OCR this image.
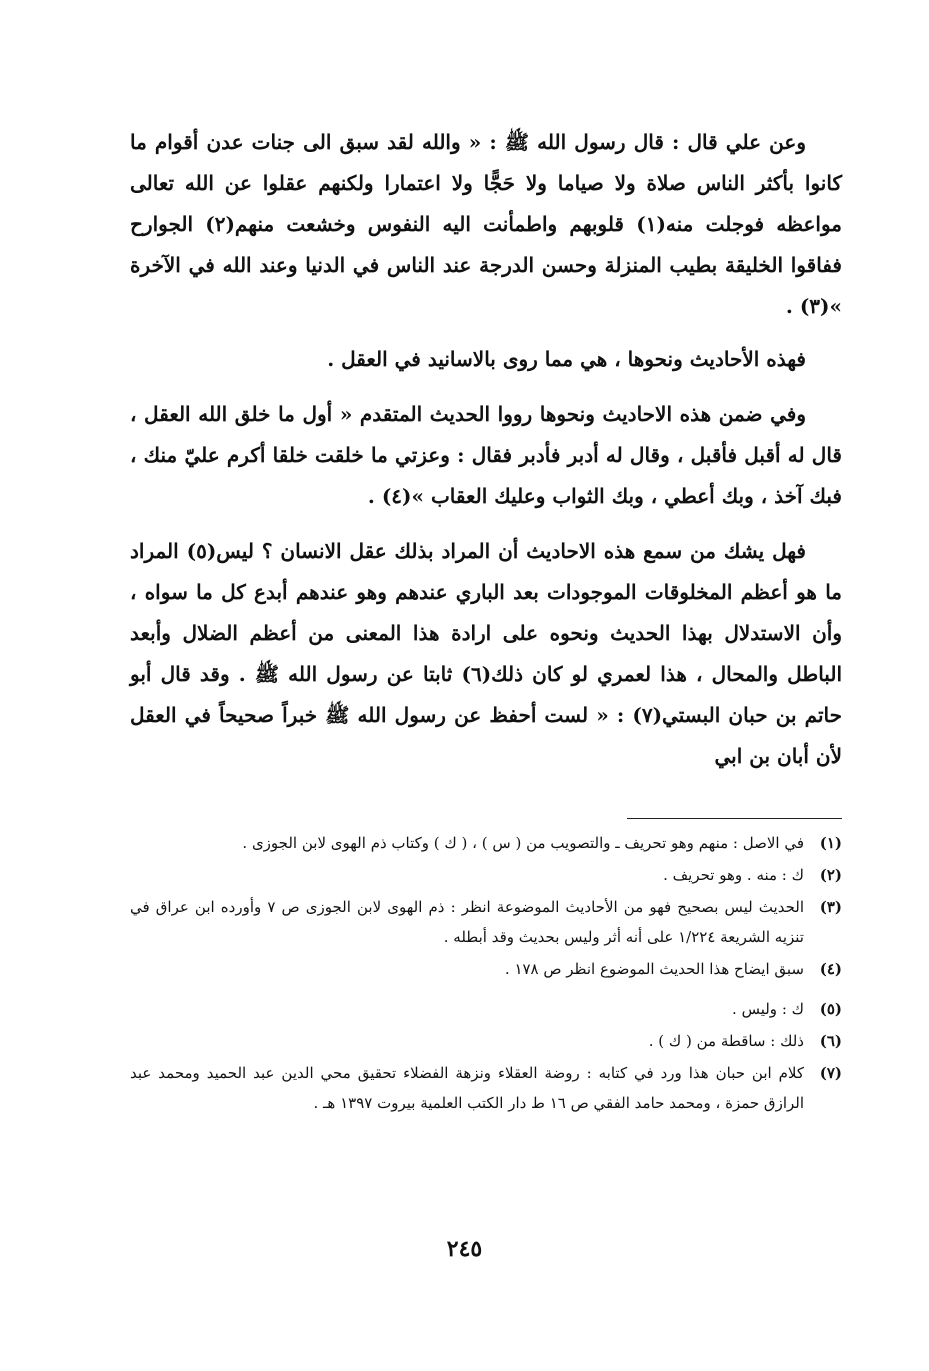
وعن علي قال : قال رسول الله ﷺ : « والله لقد سبق الى جنات عدن أقوام ما كانوا بأكثر الناس صلاة ولا صياما ولا حَجًّا ولا اعتمارا ولكنهم عقلوا عن الله تعالى مواعظه فوجلت منه(١) قلوبهم واطمأنت اليه النفوس وخشعت منهم(٢) الجوارح ففاقوا الخليقة بطيب المنزلة وحسن الدرجة عند الناس في الدنيا وعند الله في الآخرة »(٣) .

فهذه الأحاديث ونحوها ، هي مما روى بالاسانيد في العقل .

وفي ضمن هذه الاحاديث ونحوها رووا الحديث المتقدم « أول ما خلق الله العقل ، قال له أقبل فأقبل ، وقال له أدبر فأدبر فقال : وعزتي ما خلقت خلقا أكرم عليّ منك ، فبك آخذ ، وبك أعطي ، وبك الثواب وعليك العقاب »(٤) .

فهل يشك من سمع هذه الاحاديث أن المراد بذلك عقل الانسان ؟ ليس(٥) المراد ما هو أعظم المخلوقات الموجودات بعد الباري عندهم وهو عندهم أبدع كل ما سواه ، وأن الاستدلال بهذا الحديث ونحوه على ارادة هذا المعنى من أعظم الضلال وأبعد الباطل والمحال ، هذا لعمري لو كان ذلك(٦) ثابتا عن رسول الله ﷺ . وقد قال أبو حاتم بن حبان البستي(٧) : « لست أحفظ عن رسول الله ﷺ خبراً صحيحاً في العقل لأن أبان بن ابي

(١)
في الاصل : منهم وهو تحريف ـ والتصويب من ( س ) ، ( ك ) وكتاب ذم الهوى لابن الجوزى .
(٢)
ك : منه . وهو تحريف .
(٣)
الحديث ليس بصحيح فهو من الأحاديث الموضوعة انظر : ذم الهوى لابن الجوزى ص ٧ وأورده ابن عراق في تنزيه الشريعة ١/٢٢٤ على أنه أثر وليس بحديث وقد أبطله .
(٤)
سبق ايضاح هذا الحديث الموضوع انظر ص ١٧٨ .
(٥)
ك : وليس .
(٦)
ذلك : ساقطة من ( ك ) .
(٧)
كلام ابن حبان هذا ورد في كتابه : روضة العقلاء ونزهة الفضلاء تحقيق محي الدين عبد الحميد ومحمد عبد الرازق حمزة ، ومحمد حامد الفقي ص ١٦ ط دار الكتب العلمية بيروت ١٣٩٧ هـ .
٢٤٥
